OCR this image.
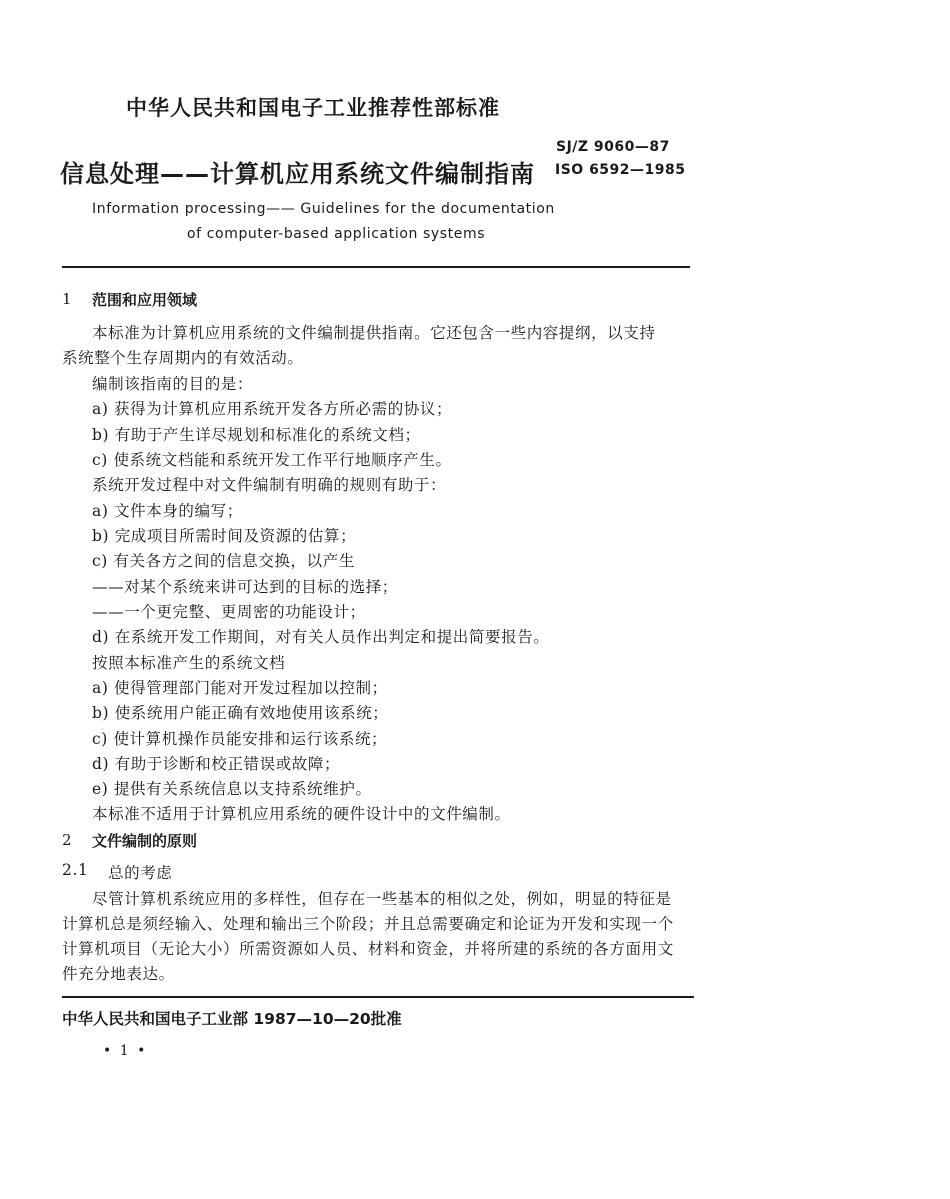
中华人民共和国电子工业推荐性部标准
SJ/Z 9060—87
ISO 6592—1985
信息处理——计算机应用系统文件编制指南
Information processing—— Guidelines for the documentation
of computer-based application systems
1 范围和应用领域
本标准为计算机应用系统的文件编制提供指南。它还包含一些内容提纲，以支持
系统整个生存周期内的有效活动。
编制该指南的目的是：
a) 获得为计算机应用系统开发各方所必需的协议；
b) 有助于产生详尽规划和标准化的系统文档；
c) 使系统文档能和系统开发工作平行地顺序产生。
系统开发过程中对文件编制有明确的规则有助于：
a) 文件本身的编写；
b) 完成项目所需时间及资源的估算；
c) 有关各方之间的信息交换，以产生
——对某个系统来讲可达到的目标的选择；
——一个更完整、更周密的功能设计；
d) 在系统开发工作期间，对有关人员作出判定和提出简要报告。
按照本标准产生的系统文档
a) 使得管理部门能对开发过程加以控制；
b) 使系统用户能正确有效地使用该系统；
c) 使计算机操作员能安排和运行该系统；
d) 有助于诊断和校正错误或故障；
e) 提供有关系统信息以支持系统维护。
本标准不适用于计算机应用系统的硬件设计中的文件编制。
2 文件编制的原则
2.1 总的考虑
尽管计算机系统应用的多样性，但存在一些基本的相似之处，例如，明显的特征是
计算机总是须经输入、处理和输出三个阶段；并且总需要确定和论证为开发和实现一个
计算机项目（无论大小）所需资源如人员、材料和资金，并将所建的系统的各方面用文
件充分地表达。
中华人民共和国电子工业部 1987—10—20批准
• 1 •
